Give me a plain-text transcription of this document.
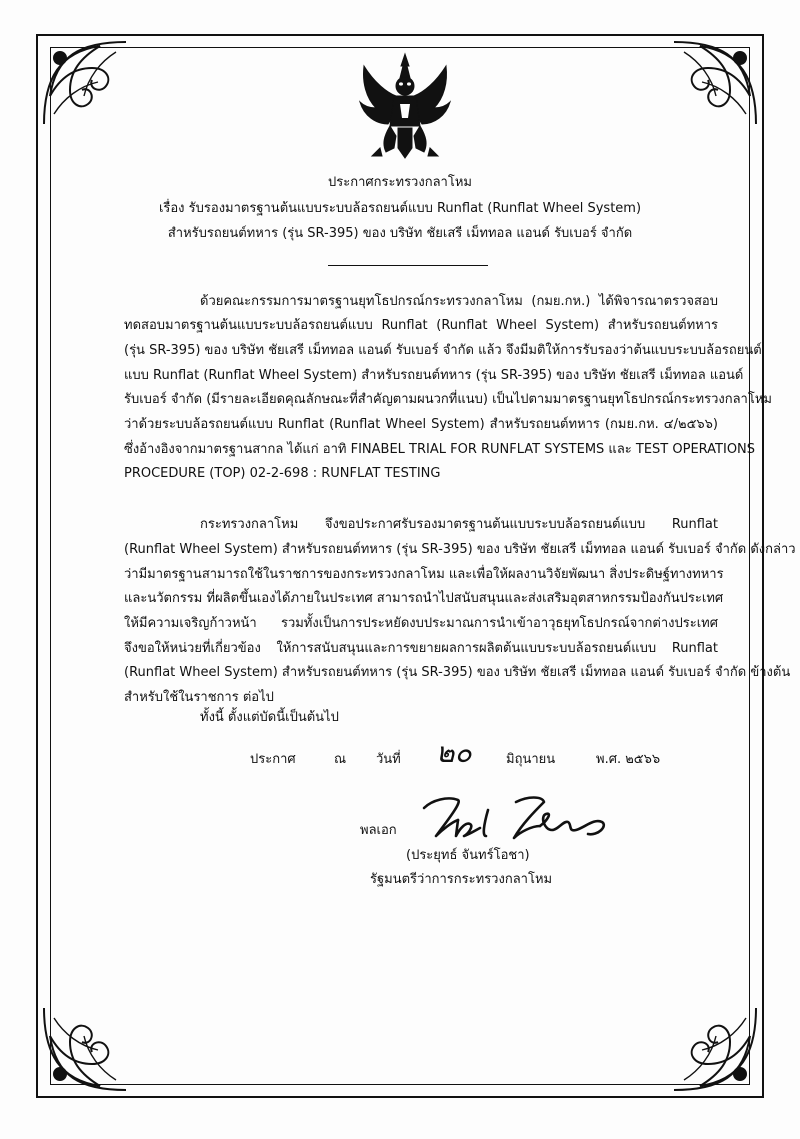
ประกาศกระทรวงกลาโหม
เรื่อง รับรองมาตรฐานต้นแบบระบบล้อรถยนต์แบบ Runflat (Runflat Wheel System)
สำหรับรถยนต์ทหาร (รุ่น SR-395) ของ บริษัท ชัยเสรี เม็ททอล แอนด์ รับเบอร์ จำกัด
ด้วยคณะกรรมการมาตรฐานยุทโธปกรณ์กระทรวงกลาโหม (กมย.กห.) ได้พิจารณาตรวจสอบ
ทดสอบมาตรฐานต้นแบบระบบล้อรถยนต์แบบ Runflat (Runflat Wheel System) สำหรับรถยนต์ทหาร
(รุ่น SR-395) ของ บริษัท ชัยเสรี เม็ททอล แอนด์ รับเบอร์ จำกัด แล้ว จึงมีมติให้การรับรองว่าต้นแบบระบบล้อรถยนต์
แบบ Runflat (Runflat Wheel System) สำหรับรถยนต์ทหาร (รุ่น SR-395) ของ บริษัท ชัยเสรี เม็ททอล แอนด์
รับเบอร์ จำกัด (มีรายละเอียดคุณลักษณะที่สำคัญตามผนวกที่แนบ) เป็นไปตามมาตรฐานยุทโธปกรณ์กระทรวงกลาโหม
ว่าด้วยระบบล้อรถยนต์แบบ Runflat (Runflat Wheel System) สำหรับรถยนต์ทหาร (กมย.กห. ๔/๒๕๖๖)
ซึ่งอ้างอิงจากมาตรฐานสากล ได้แก่ อาทิ FINABEL TRIAL FOR RUNFLAT SYSTEMS และ TEST OPERATIONS
PROCEDURE (TOP) 02-2-698 : RUNFLAT TESTING
กระทรวงกลาโหม จึงขอประกาศรับรองมาตรฐานต้นแบบระบบล้อรถยนต์แบบ Runflat
(Runflat Wheel System) สำหรับรถยนต์ทหาร (รุ่น SR-395) ของ บริษัท ชัยเสรี เม็ททอล แอนด์ รับเบอร์ จำกัด ดังกล่าว
ว่ามีมาตรฐานสามารถใช้ในราชการของกระทรวงกลาโหม และเพื่อให้ผลงานวิจัยพัฒนา สิ่งประดิษฐ์ทางทหาร
และนวัตกรรม ที่ผลิตขึ้นเองได้ภายในประเทศ สามารถนำไปสนับสนุนและส่งเสริมอุตสาหกรรมป้องกันประเทศ
ให้มีความเจริญก้าวหน้า รวมทั้งเป็นการประหยัดงบประมาณการนำเข้าอาวุธยุทโธปกรณ์จากต่างประเทศ
จึงขอให้หน่วยที่เกี่ยวข้อง ให้การสนับสนุนและการขยายผลการผลิตต้นแบบระบบล้อรถยนต์แบบ Runflat
(Runflat Wheel System) สำหรับรถยนต์ทหาร (รุ่น SR-395) ของ บริษัท ชัยเสรี เม็ททอล แอนด์ รับเบอร์ จำกัด ข้างต้น
สำหรับใช้ในราชการ ต่อไป
ทั้งนี้ ตั้งแต่บัดนี้เป็นต้นไป
ประกาศ	ณ วันที่ ๒๐	มิถุนายน	พ.ศ. ๒๕๖๖
พลเอก
(ประยุทธ์ จันทร์โอชา)
รัฐมนตรีว่าการกระทรวงกลาโหม
